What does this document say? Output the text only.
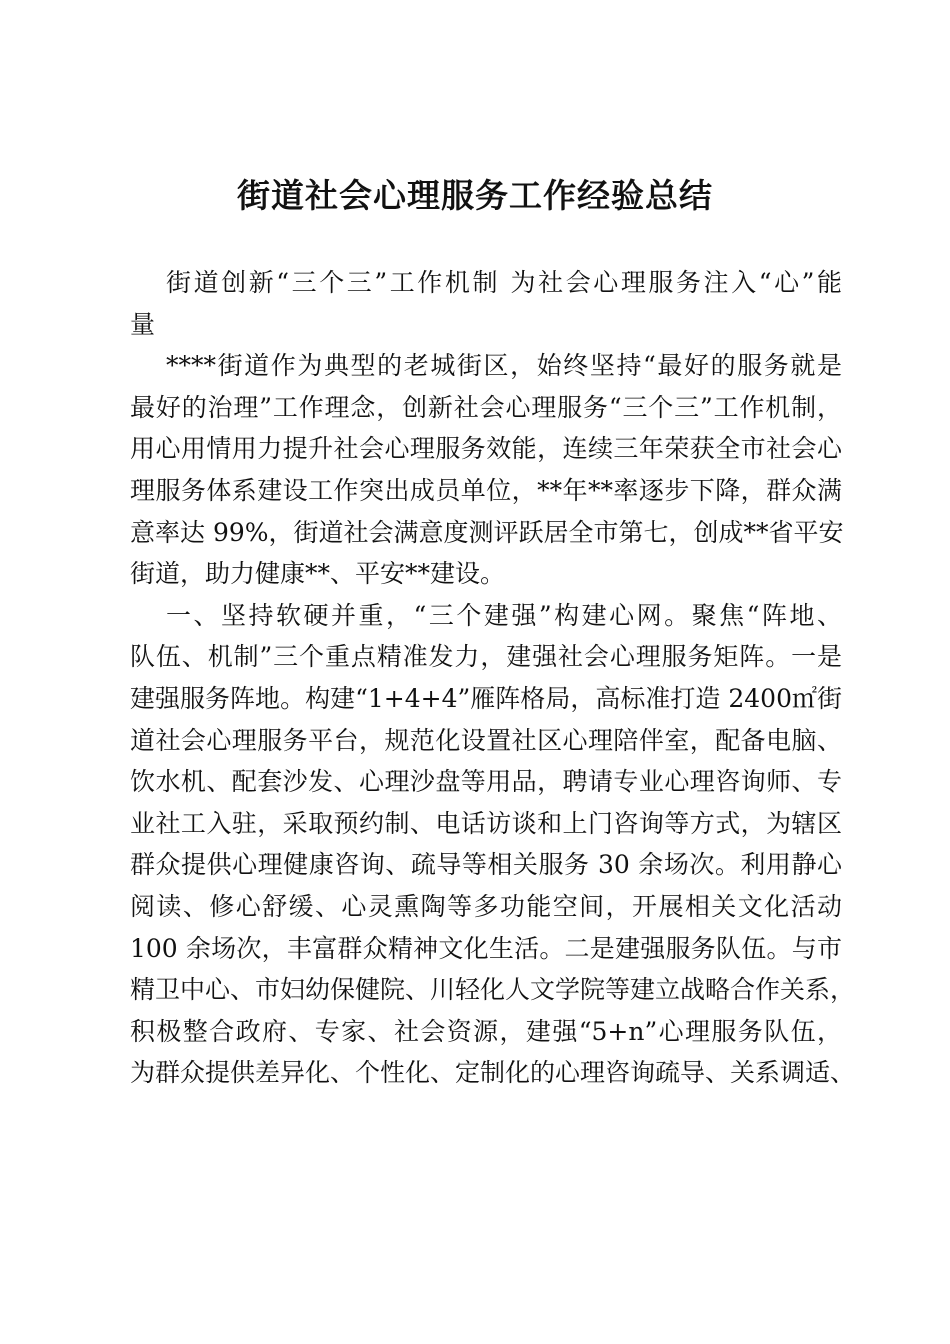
街道社会心理服务工作经验总结
街道创新“三个三”工作机制 为社会心理服务注入“心”能
量
****街道作为典型的老城街区，始终坚持“最好的服务就是
最好的治理”工作理念，创新社会心理服务“三个三”工作机制，
用心用情用力提升社会心理服务效能，连续三年荣获全市社会心
理服务体系建设工作突出成员单位，**年**率逐步下降，群众满
意率达 99%，街道社会满意度测评跃居全市第七，创成**省平安
街道，助力健康**、平安**建设。
一、坚持软硬并重，“三个建强”构建心网。聚焦“阵地、
队伍、机制”三个重点精准发力，建强社会心理服务矩阵。一是
建强服务阵地。构建“1+4+4”雁阵格局，高标准打造 2400㎡街
道社会心理服务平台，规范化设置社区心理陪伴室，配备电脑、
饮水机、配套沙发、心理沙盘等用品，聘请专业心理咨询师、专
业社工入驻，采取预约制、电话访谈和上门咨询等方式，为辖区
群众提供心理健康咨询、疏导等相关服务 30 余场次。利用静心
阅读、修心舒缓、心灵熏陶等多功能空间，开展相关文化活动
100 余场次，丰富群众精神文化生活。二是建强服务队伍。与市
精卫中心、市妇幼保健院、川轻化人文学院等建立战略合作关系，
积极整合政府、专家、社会资源，建强“5+n”心理服务队伍，
为群众提供差异化、个性化、定制化的心理咨询疏导、关系调适、
